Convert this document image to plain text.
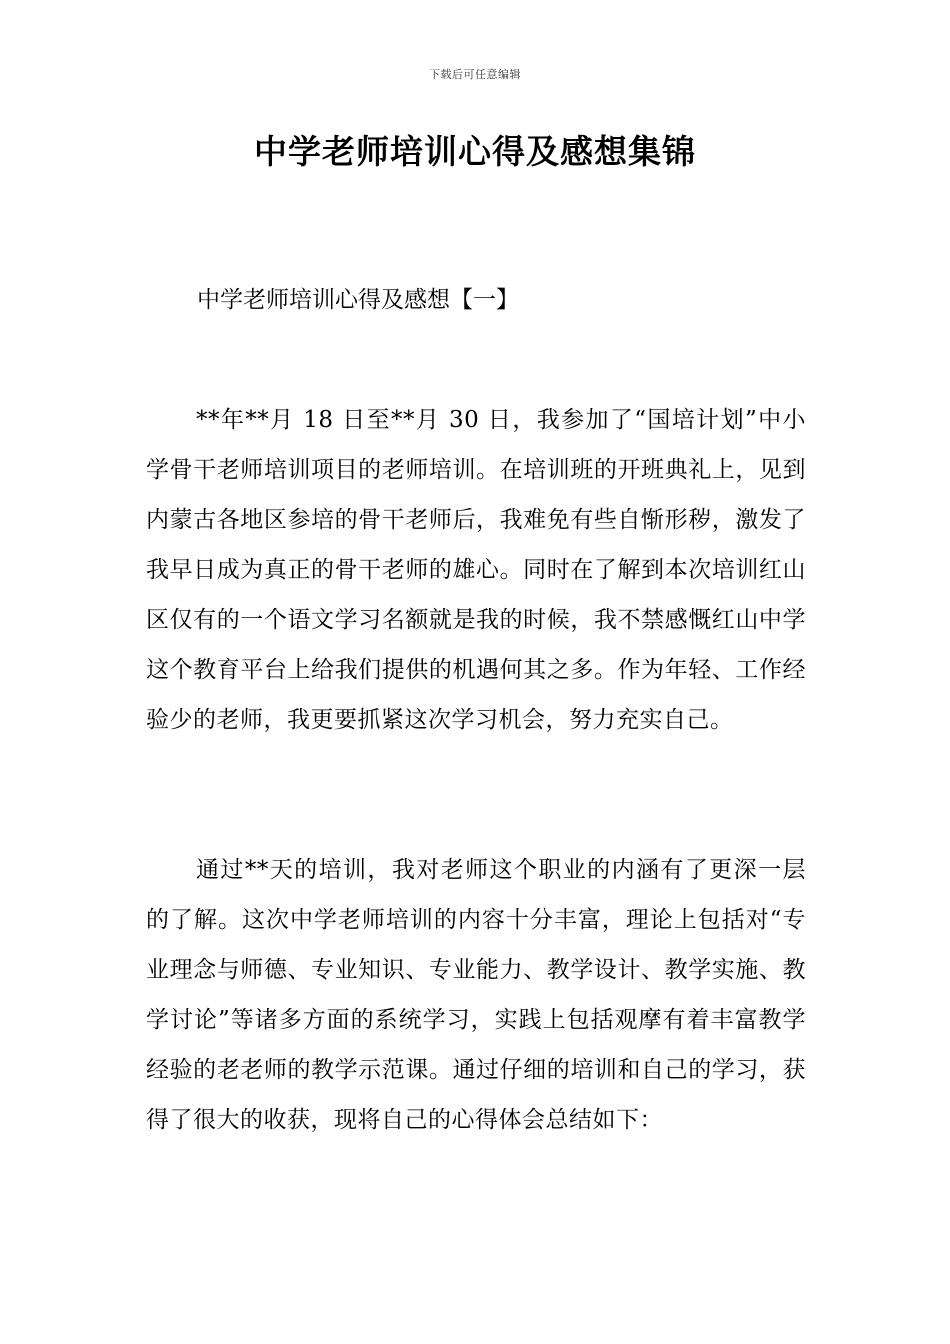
下载后可任意编辑
中学老师培训心得及感想集锦
中学老师培训心得及感想【一】

**年**月 18 日至**月 30 日，我参加了“国培计划”中小学骨干老师培训项目的老师培训。在培训班的开班典礼上，见到内蒙古各地区参培的骨干老师后，我难免有些自惭形秽，激发了我早日成为真正的骨干老师的雄心。同时在了解到本次培训红山区仅有的一个语文学习名额就是我的时候，我不禁感慨红山中学这个教育平台上给我们提供的机遇何其之多。作为年轻、工作经验少的老师，我更要抓紧这次学习机会，努力充实自己。

通过**天的培训，我对老师这个职业的内涵有了更深一层的了解。这次中学老师培训的内容十分丰富，理论上包括对“专业理念与师德、专业知识、专业能力、教学设计、教学实施、教学讨论”等诸多方面的系统学习，实践上包括观摩有着丰富教学经验的老老师的教学示范课。通过仔细的培训和自己的学习，获得了很大的收获，现将自己的心得体会总结如下：
